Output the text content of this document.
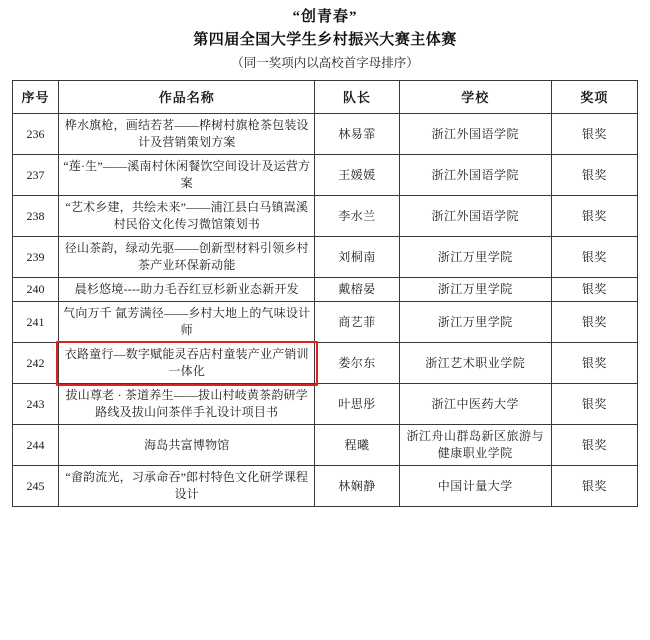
“创青春”
第四届全国大学生乡村振兴大赛主体赛
（同一奖项内以高校首字母排序）
序号	作品名称	队长	学校	奖项
236	桦水旗枪，画结若茗——桦树村旗枪茶包装设计及营销策划方案	林易霏	浙江外国语学院	银奖
237	“莲·生”——溪南村休闲餐饮空间设计及运营方案	王媛媛	浙江外国语学院	银奖
238	“艺术乡建，共绘未来”——浦江县白马镇嵩溪村民俗文化传习微馆策划书	李水兰	浙江外国语学院	银奖
239	径山茶韵，绿动先驱——创新型材料引领乡村茶产业环保新动能	刘桐南	浙江万里学院	银奖
240	晨杉悠境----助力毛吞红豆杉新业态新开发	戴榕晏	浙江万里学院	银奖
241	气向万千 氤芳满径——乡村大地上的气味设计师	商艺菲	浙江万里学院	银奖
242	衣路童行—数字赋能灵吞店村童装产业产销训一体化	娄尔东	浙江艺术职业学院	银奖
243	拔山尊老 · 茶道养生——拔山村岐黄茶韵研学路线及拔山问茶伴手礼设计项目书	叶思彤	浙江中医药大学	银奖
244	海岛共富博物馆	程曦	浙江舟山群岛新区旅游与健康职业学院	银奖
245	“畲韵流光，习承命吞”郎村特色文化研学课程设计	林娴静	中国计量大学	银奖
